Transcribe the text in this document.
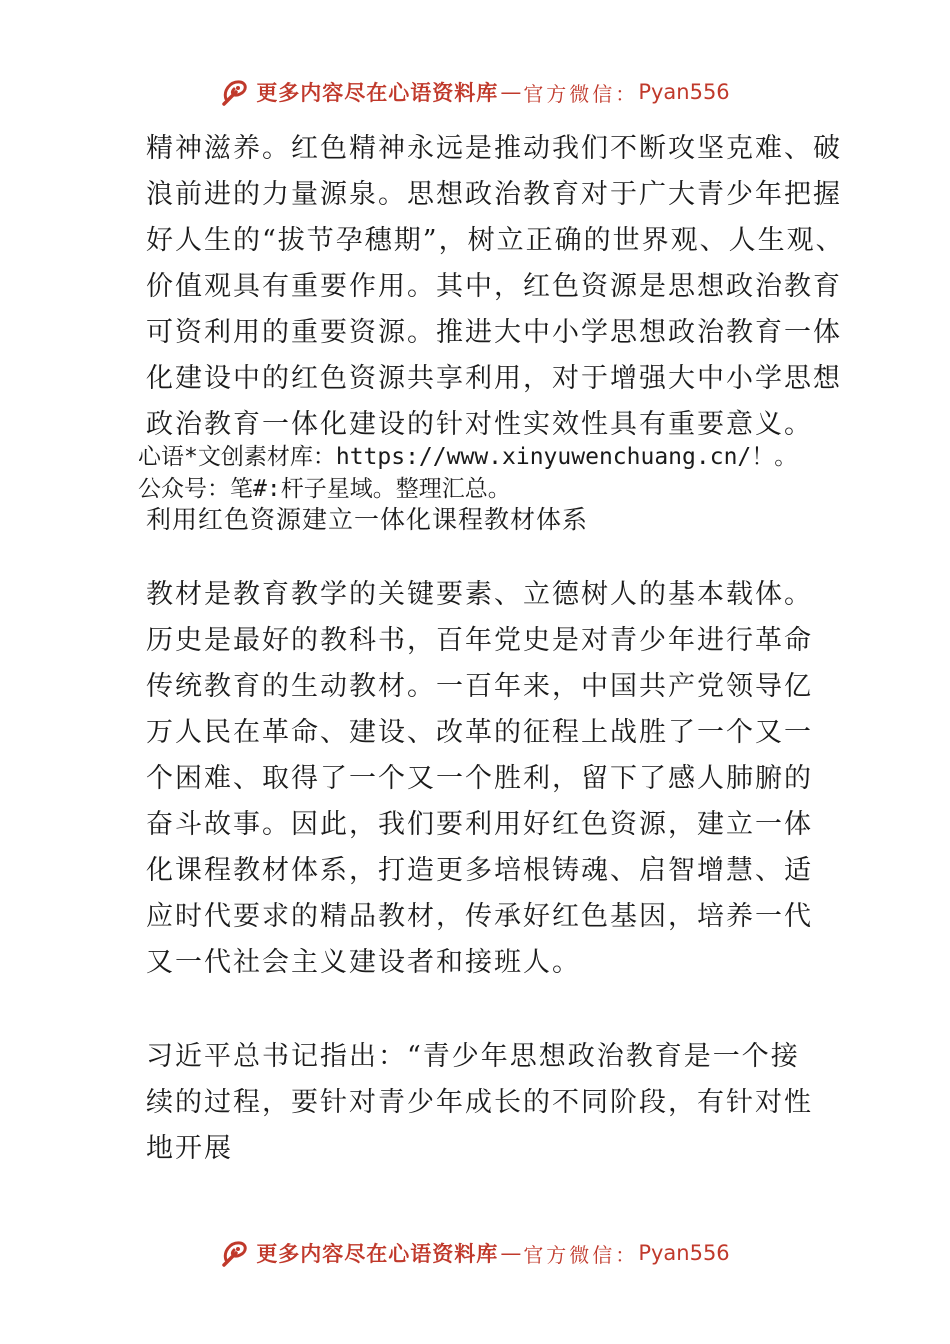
更多内容尽在心语资料库 — 官方微信： Pyan556

精神滋养。红色精神永远是推动我们不断攻坚克难、破浪前进的力量源泉。思想政治教育对于广大青少年把握好人生的“拔节孕穗期”，树立正确的世界观、人生观、价值观具有重要作用。其中，红色资源是思想政治教育可资利用的重要资源。推进大中小学思想政治教育一体化建设中的红色资源共享利用，对于增强大中小学思想政治教育一体化建设的针对性实效性具有重要意义。

心语*文创素材库：https://www.xinyuwenchuang.cn/！。

公众号：笔#:杆子星域。整理汇总。

利用红色资源建立一体化课程教材体系

教材是教育教学的关键要素、立德树人的基本载体。历史是最好的教科书，百年党史是对青少年进行革命传统教育的生动教材。一百年来，中国共产党领导亿万人民在革命、建设、改革的征程上战胜了一个又一个困难、取得了一个又一个胜利，留下了感人肺腑的奋斗故事。因此，我们要利用好红色资源，建立一体化课程教材体系，打造更多培根铸魂、启智增慧、适应时代要求的精品教材，传承好红色基因，培养一代又一代社会主义建设者和接班人。

习近平总书记指出：“青少年思想政治教育是一个接续的过程，要针对青少年成长的不同阶段，有针对性地开展

更多内容尽在心语资料库 — 官方微信： Pyan556
